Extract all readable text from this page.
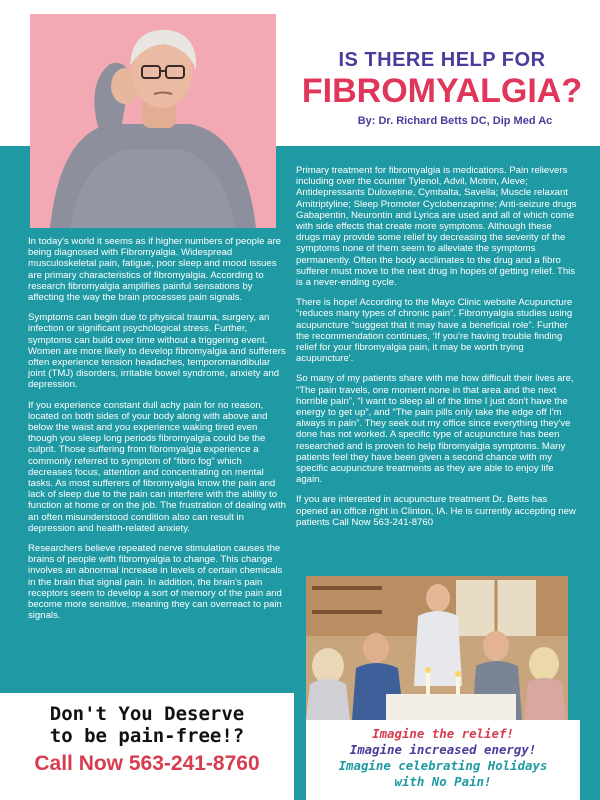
IS THERE HELP FOR
FIBROMYALGIA?
By: Dr. Richard Betts DC, Dip Med Ac

In today's world it seems as if higher numbers of people are being diagnosed with Fibromyalgia. Widespread musculoskeletal pain, fatigue, poor sleep and mood issues are primary characteristics of fibromyalgia. According to research fibromyalgia amplifies painful sensations by affecting the way the brain processes pain signals.

Symptoms can begin due to physical trauma, surgery, an infection or significant psychological stress. Further, symptoms can build over time without a triggering event. Women are more likely to develop fibromyalgia and sufferers often experience tension headaches, temporomandibular joint (TMJ) disorders, irritable bowel syndrome, anxiety and depression.

If you experience constant dull achy pain for no reason, located on both sides of your body along with above and below the waist and you experience waking tired even though you sleep long periods fibromyalgia could be the culprit. Those suffering from fibromyalgia experience a commonly referred to symptom of “fibro fog” which decreases focus, attention and concentrating on mental tasks. As most sufferers of fibromyalgia know the pain and lack of sleep due to the pain can interfere with the ability to function at home or on the job. The frustration of dealing with an often misunderstood condition also can result in depression and health-related anxiety.

Researchers believe repeated nerve stimulation causes the brains of people with fibromyalgia to change. This change involves an abnormal increase in levels of certain chemicals in the brain that signal pain. In addition, the brain's pain receptors seem to develop a sort of memory of the pain and become more sensitive, meaning they can overreact to pain signals.

Primary treatment for fibromyalgia is medications. Pain relievers including over the counter Tylenol, Advil, Motrin, Aleve; Antidepressants Duloxetine, Cymbalta, Savella; Muscle relaxant Amitriptyline; Sleep Promoter Cyclobenzaprine; Anti-seizure drugs Gabapentin, Neurontin and Lyrica are used and all of which come with side effects that create more symptoms. Although these drugs may provide some relief by decreasing the severity of the symptoms none of them seem to alleviate the symptoms permanently. Often the body acclimates to the drug and a fibro sufferer must move to the next drug in hopes of getting relief. This is a never-ending cycle.

There is hope! According to the Mayo Clinic website Acupuncture “reduces many types of chronic pain”. Fibromyalgia studies using acupuncture “suggest that it may have a beneficial role”. Further the recommendation continues, ‘If you're having trouble finding relief for your fibromyalgia pain, it may be worth trying acupuncture'.

So many of my patients share with me how difficult their lives are, “The pain travels, one moment none in that area and the next horrible pain”, “I want to sleep all of the time I just don't have the energy to get up”, and “The pain pills only take the edge off I'm always in pain”. They seek out my office since everything they've done has not worked. A specific type of acupuncture has been researched and is proven to help fibromyalgia symptoms. Many patients feel they have been given a second chance with my specific acupuncture treatments as they are able to enjoy life again.

If you are interested in acupuncture treatment Dr. Betts has opened an office right in Clinton, IA. He is currently accepting new patients Call Now 563-241-8760

Don't You Deserve
to be pain-free!?
Call Now 563-241-8760
Imagine the relief!
Imagine increased energy!
Imagine celebrating Holidays
with No Pain!
